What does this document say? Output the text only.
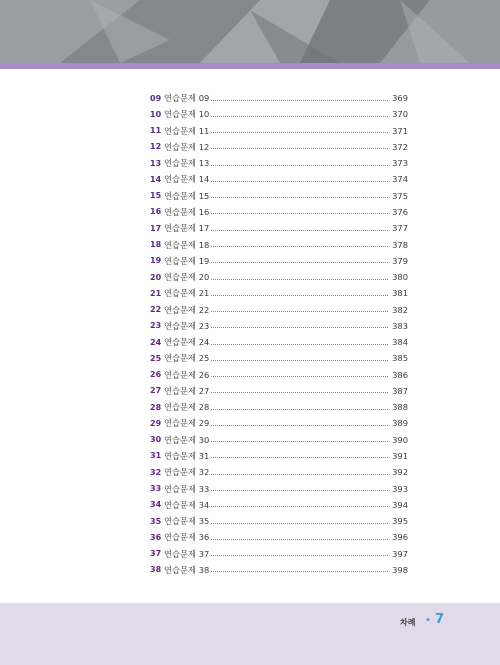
09 연습문제 09	369
10 연습문제 10	370
11 연습문제 11	371
12 연습문제 12	372
13 연습문제 13	373
14 연습문제 14	374
15 연습문제 15	375
16 연습문제 16	376
17 연습문제 17	377
18 연습문제 18	378
19 연습문제 19	379
20 연습문제 20	380
21 연습문제 21	381
22 연습문제 22	382
23 연습문제 23	383
24 연습문제 24	384
25 연습문제 25	385
26 연습문제 26	386
27 연습문제 27	387
28 연습문제 28	388
29 연습문제 29	389
30 연습문제 30	390
31 연습문제 31	391
32 연습문제 32	392
33 연습문제 33	393
34 연습문제 34	394
35 연습문제 35	395
36 연습문제 36	396
37 연습문제 37	397
38 연습문제 38	398
차례 • 7
